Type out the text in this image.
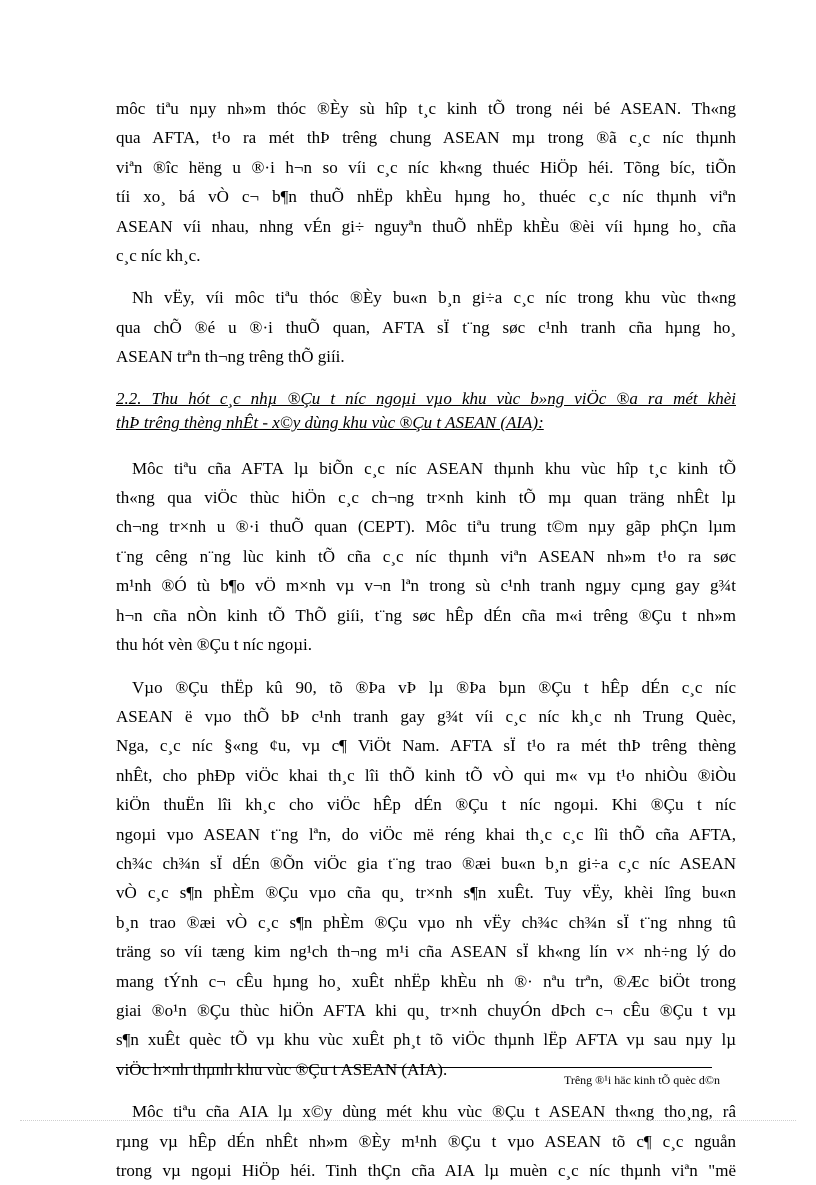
môc tiªu nµy nh»m thóc ®Èy sù hîp t¸c kinh tÕ trong néi bé ASEAN. Th«ng
qua AFTA, t¹o ra mét thÞ trêng chung ASEAN mµ trong ®ã c¸c níc thµnh
viªn ®îc hëng u ®·i h¬n so víi c¸c níc kh«ng thuéc HiÖp héi. Tõng bíc, tiÕn
tíi xo¸ bá vÒ c¬ b¶n thuÕ nhËp khÈu hµng ho¸ thuéc c¸c níc thµnh viªn
ASEAN víi nhau, nhng vÉn gi÷ nguyªn thuÕ nhËp khÈu ®èi víi hµng ho¸ cña
c¸c níc kh¸c.
Nh vËy, víi môc tiªu thóc ®Èy bu«n b¸n gi÷a c¸c níc trong khu vùc th«ng
qua chÕ ®é u ®·i thuÕ quan, AFTA sÏ t¨ng søc c¹nh tranh cña hµng ho¸
ASEAN trªn th¬ng trêng thÕ giíi.
2.2. Thu hót c¸c nhµ ®Çu t níc ngoµi vµo khu vùc b»ng viÖc ®a ra mét khèi
thÞ trêng thèng nhÊt - x©y dùng khu vùc ®Çu t ASEAN (AIA):
Môc tiªu cña AFTA lµ biÕn c¸c níc ASEAN thµnh khu vùc hîp t¸c kinh tÕ
th«ng qua viÖc thùc hiÖn c¸c ch¬ng tr×nh kinh tÕ mµ quan träng nhÊt lµ
ch¬ng tr×nh u ®·i thuÕ quan (CEPT). Môc tiªu trung t©m nµy gãp phÇn lµm
t¨ng cêng n¨ng lùc kinh tÕ cña c¸c níc thµnh viªn ASEAN nh»m t¹o ra søc
m¹nh ®Ó tù b¶o vÖ m×nh vµ v¬n lªn trong sù c¹nh tranh ngµy cµng gay g¾t
h¬n cña nÒn kinh tÕ ThÕ giíi, t¨ng søc hÊp dÉn cña m«i trêng ®Çu t nh»m
thu hót vèn ®Çu t níc ngoµi.
Vµo ®Çu thËp kû 90, tõ ®Þa vÞ lµ ®Þa bµn ®Çu t hÊp dÉn c¸c níc
ASEAN ë vµo thÕ bÞ c¹nh tranh gay g¾t víi c¸c níc kh¸c nh Trung Quèc,
Nga, c¸c níc §«ng ¢u, vµ c¶ ViÖt Nam. AFTA sÏ t¹o ra mét thÞ trêng thèng
nhÊt, cho phÐp viÖc khai th¸c lîi thÕ kinh tÕ vÒ qui m« vµ t¹o nhiÒu ®iÒu
kiÖn thuËn lîi kh¸c cho viÖc hÊp dÉn ®Çu t níc ngoµi. Khi ®Çu t níc
ngoµi vµo ASEAN t¨ng lªn, do viÖc më réng khai th¸c c¸c lîi thÕ cña AFTA,
ch¾c ch¾n sÏ dÉn ®Õn viÖc gia t¨ng trao ®æi bu«n b¸n gi÷a c¸c níc ASEAN
vÒ c¸c s¶n phÈm ®Çu vµo cña qu¸ tr×nh s¶n xuÊt. Tuy vËy, khèi lîng bu«n
b¸n trao ®æi vÒ c¸c s¶n phÈm ®Çu vµo nh vËy ch¾c ch¾n sÏ t¨ng nhng tû
träng so víi tæng kim ng¹ch th¬ng m¹i cña ASEAN sÏ kh«ng lín v× nh÷ng lý do
mang tÝnh c¬ cÊu hµng ho¸ xuÊt nhËp khÈu nh ®· nªu trªn, ®Æc biÖt trong
giai ®o¹n ®Çu thùc hiÖn AFTA khi qu¸ tr×nh chuyÓn dÞch c¬ cÊu ®Çu t vµ
s¶n xuÊt quèc tÕ vµ khu vùc xuÊt ph¸t tõ viÖc thµnh lËp AFTA vµ sau nµy lµ
viÖc h×nh thµnh khu vùc ®Çu t ASEAN (AIA).
Môc tiªu cña AIA lµ x©y dùng mét khu vùc ®Çu t ASEAN th«ng tho¸ng, râ
rµng vµ hÊp dÉn nhÊt nh»m ®Èy m¹nh ®Çu t vµo ASEAN tõ c¶ c¸c nguån
trong vµ ngoµi HiÖp héi. Tinh thÇn cña AIA lµ muèn c¸c níc thµnh viªn "më
Trêng ®¹i häc kinh tÕ quèc d©n
